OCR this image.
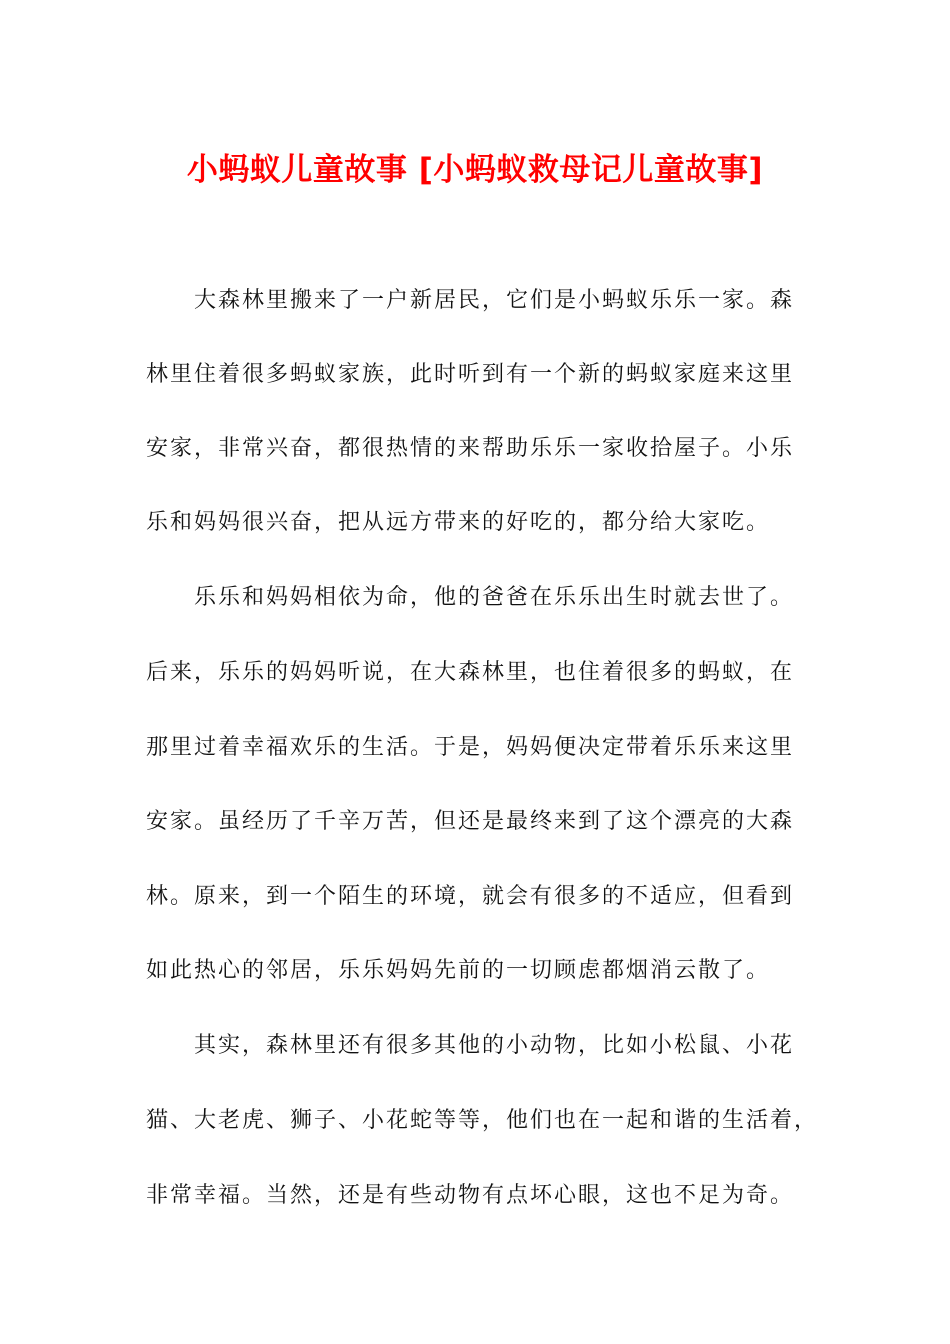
小蚂蚁儿童故事 [小蚂蚁救母记儿童故事]
大森林里搬来了一户新居民，它们是小蚂蚁乐乐一家。森
林里住着很多蚂蚁家族，此时听到有一个新的蚂蚁家庭来这里
安家，非常兴奋，都很热情的来帮助乐乐一家收拾屋子。小乐
乐和妈妈很兴奋，把从远方带来的好吃的，都分给大家吃。
乐乐和妈妈相依为命，他的爸爸在乐乐出生时就去世了。
后来，乐乐的妈妈听说，在大森林里，也住着很多的蚂蚁，在
那里过着幸福欢乐的生活。于是，妈妈便决定带着乐乐来这里
安家。虽经历了千辛万苦，但还是最终来到了这个漂亮的大森
林。原来，到一个陌生的环境，就会有很多的不适应，但看到
如此热心的邻居，乐乐妈妈先前的一切顾虑都烟消云散了。
其实，森林里还有很多其他的小动物，比如小松鼠、小花
猫、大老虎、狮子、小花蛇等等，他们也在一起和谐的生活着，
非常幸福。当然，还是有些动物有点坏心眼，这也不足为奇。
